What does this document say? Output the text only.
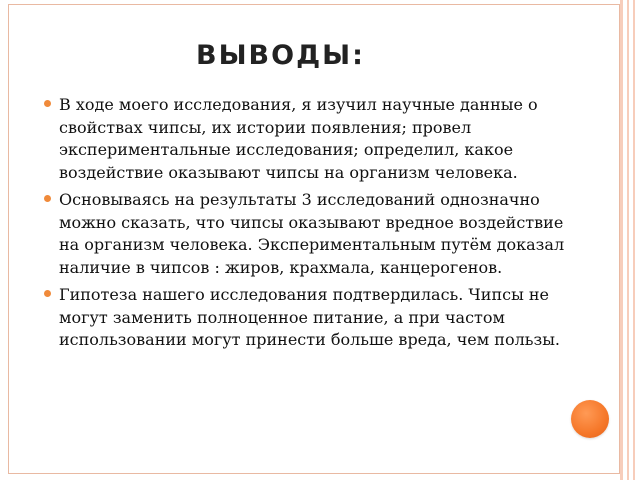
ВЫВОДЫ:
В ходе моего исследования, я изучил научные данные о свойствах чипсы, их истории появления; провел экспериментальные исследования; определил, какое воздействие оказывают чипсы на организм человека.
Основываясь на результаты 3 исследований однозначно можно сказать, что чипсы оказывают вредное воздействие на организм человека. Экспериментальным путём доказал наличие в чипсов : жиров, крахмала, канцерогенов.
Гипотеза нашего исследования подтвердилась. Чипсы не могут заменить полноценное питание, а при частом использовании могут принести больше вреда, чем пользы.
